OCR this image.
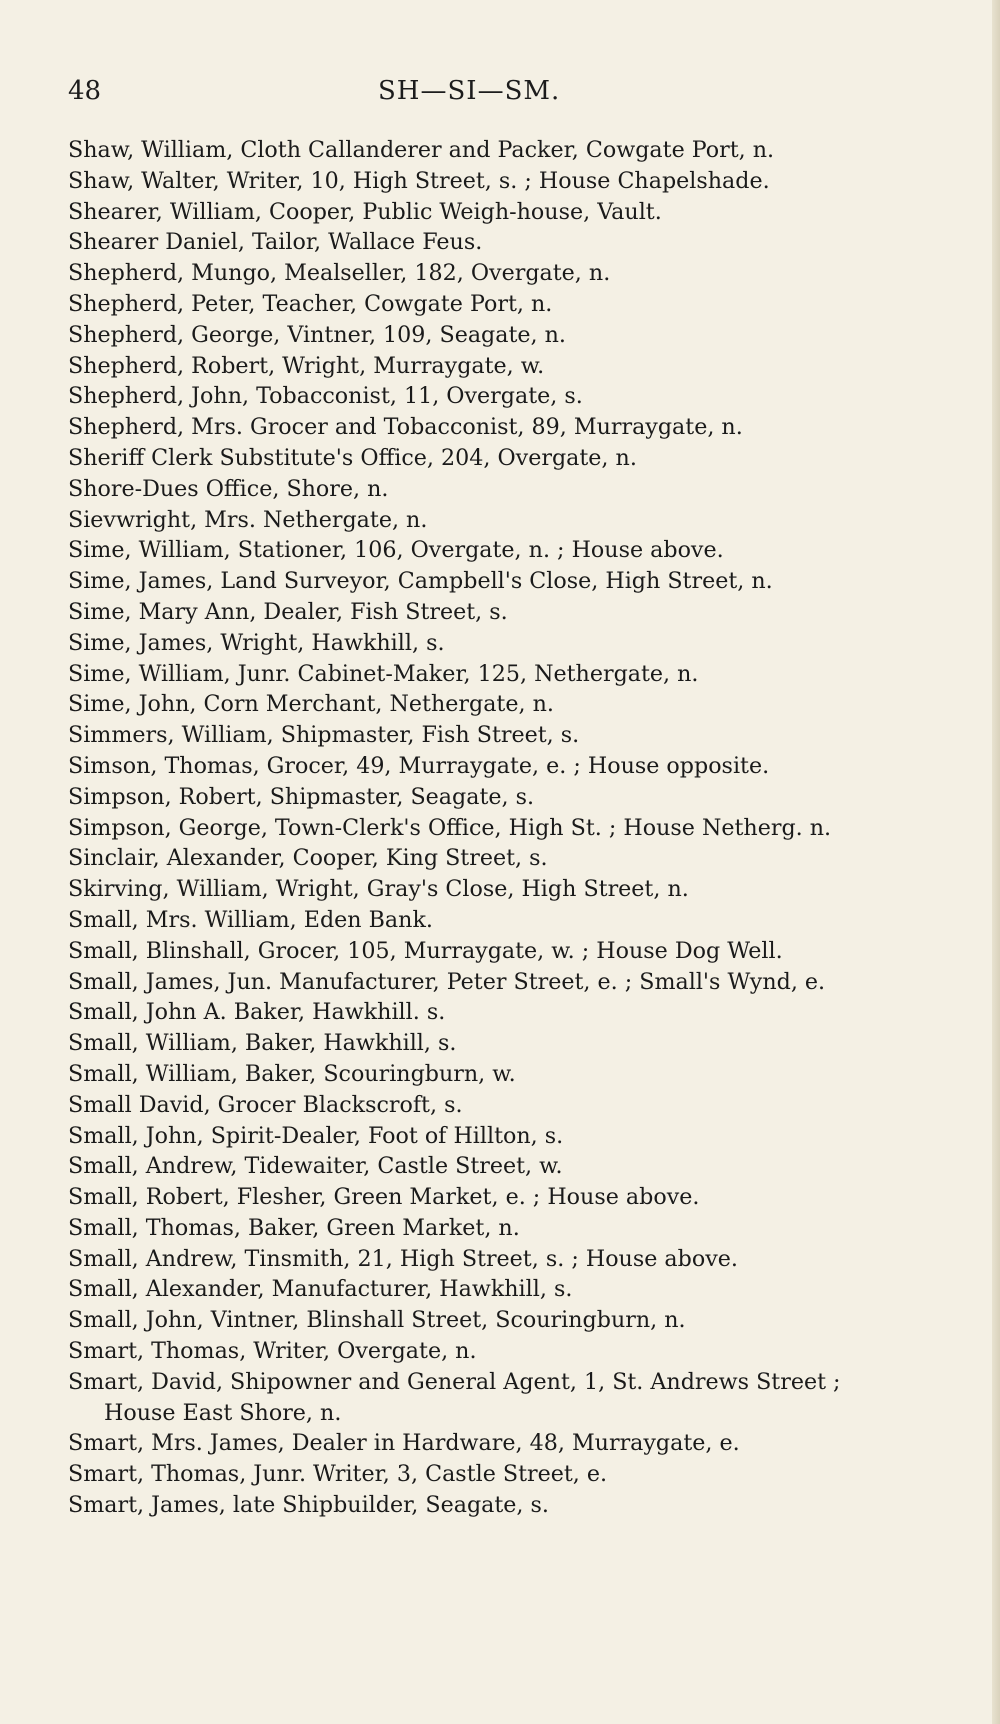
48	SH—SI—SM.
Shaw, William, Cloth Callanderer and Packer, Cowgate Port, n.
Shaw, Walter, Writer, 10, High Street, s. ; House Chapelshade.
Shearer, William, Cooper, Public Weigh-house, Vault.
Shearer Daniel, Tailor, Wallace Feus.
Shepherd, Mungo, Mealseller, 182, Overgate, n.
Shepherd, Peter, Teacher, Cowgate Port, n.
Shepherd, George, Vintner, 109, Seagate, n.
Shepherd, Robert, Wright, Murraygate, w.
Shepherd, John, Tobacconist, 11, Overgate, s.
Shepherd, Mrs. Grocer and Tobacconist, 89, Murraygate, n.
Sheriff Clerk Substitute's Office, 204, Overgate, n.
Shore-Dues Office, Shore, n.
Sievwright, Mrs. Nethergate, n.
Sime, William, Stationer, 106, Overgate, n. ; House above.
Sime, James, Land Surveyor, Campbell's Close, High Street, n.
Sime, Mary Ann, Dealer, Fish Street, s.
Sime, James, Wright, Hawkhill, s.
Sime, William, Junr. Cabinet-Maker, 125, Nethergate, n.
Sime, John, Corn Merchant, Nethergate, n.
Simmers, William, Shipmaster, Fish Street, s.
Simson, Thomas, Grocer, 49, Murraygate, e. ; House opposite.
Simpson, Robert, Shipmaster, Seagate, s.
Simpson, George, Town-Clerk's Office, High St. ; House Netherg. n.
Sinclair, Alexander, Cooper, King Street, s.
Skirving, William, Wright, Gray's Close, High Street, n.
Small, Mrs. William, Eden Bank.
Small, Blinshall, Grocer, 105, Murraygate, w. ; House Dog Well.
Small, James, Jun. Manufacturer, Peter Street, e. ; Small's Wynd, e.
Small, John A. Baker, Hawkhill. s.
Small, William, Baker, Hawkhill, s.
Small, William, Baker, Scouringburn, w.
Small David, Grocer Blackscroft, s.
Small, John, Spirit-Dealer, Foot of Hillton, s.
Small, Andrew, Tidewaiter, Castle Street, w.
Small, Robert, Flesher, Green Market, e. ; House above.
Small, Thomas, Baker, Green Market, n.
Small, Andrew, Tinsmith, 21, High Street, s. ; House above.
Small, Alexander, Manufacturer, Hawkhill, s.
Small, John, Vintner, Blinshall Street, Scouringburn, n.
Smart, Thomas, Writer, Overgate, n.
Smart, David, Shipowner and General Agent, 1, St. Andrews Street ;
House East Shore, n.
Smart, Mrs. James, Dealer in Hardware, 48, Murraygate, e.
Smart, Thomas, Junr. Writer, 3, Castle Street, e.
Smart, James, late Shipbuilder, Seagate, s.
